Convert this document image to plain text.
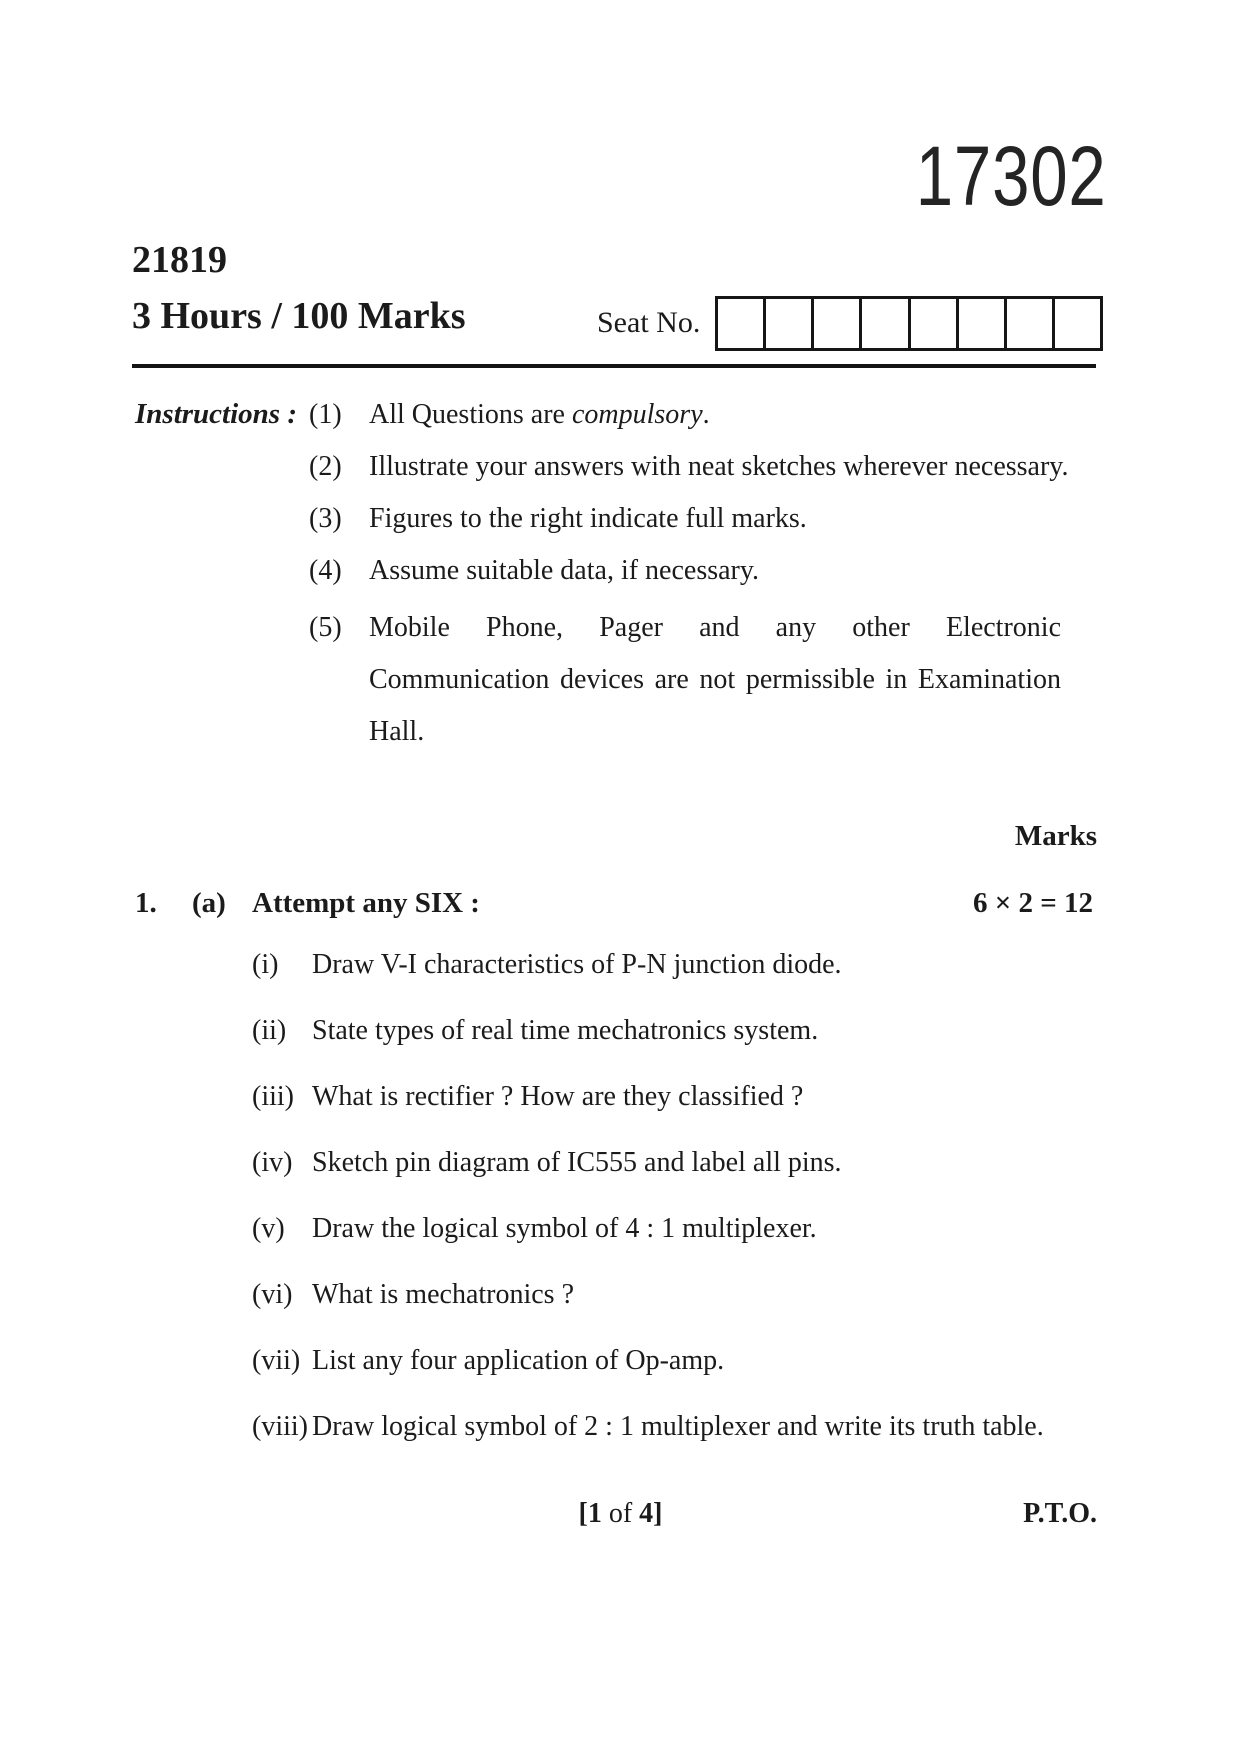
17302
21819
3 Hours / 100 Marks	Seat No.
Instructions : (1) All Questions are compulsory.
(2) Illustrate your answers with neat sketches wherever necessary.
(3) Figures to the right indicate full marks.
(4) Assume suitable data, if necessary.
(5) Mobile Phone, Pager and any other Electronic Communication devices are not permissible in Examination Hall.
Marks
1. (a) Attempt any SIX :	6 × 2 = 12
(i) Draw V-I characteristics of P-N junction diode.
(ii) State types of real time mechatronics system.
(iii) What is rectifier ? How are they classified ?
(iv) Sketch pin diagram of IC555 and label all pins.
(v) Draw the logical symbol of 4 : 1 multiplexer.
(vi) What is mechatronics ?
(vii) List any four application of Op-amp.
(viii) Draw logical symbol of 2 : 1 multiplexer and write its truth table.
[1 of 4]	P.T.O.
